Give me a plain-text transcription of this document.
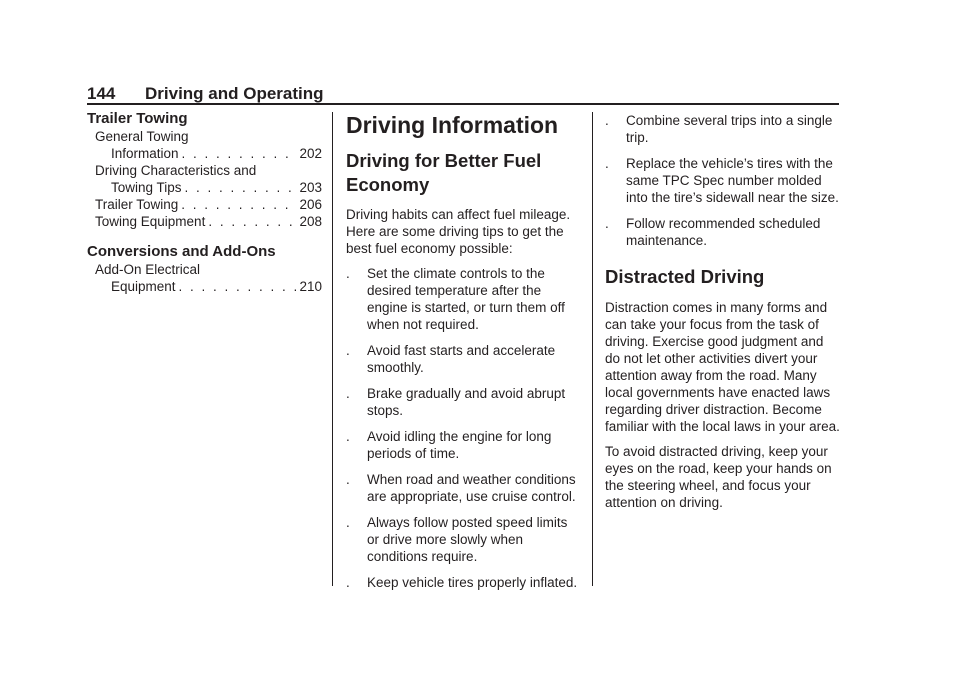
144 Driving and Operating
Trailer Towing
General Towing
Information . . .	202
Driving Characteristics and
Towing Tips . . .	203
Trailer Towing . . .	206
Towing Equipment . . .	208
Conversions and Add-Ons
Add-On Electrical
Equipment . . .	210
Driving Information
Driving for Better Fuel Economy

Driving habits can affect fuel mileage. Here are some driving tips to get the best fuel economy possible:

.	Set the climate controls to the desired temperature after the engine is started, or turn them off when not required.
.	Avoid fast starts and accelerate smoothly.
.	Brake gradually and avoid abrupt stops.
.	Avoid idling the engine for long periods of time.
.	When road and weather conditions are appropriate, use cruise control.
.	Always follow posted speed limits or drive more slowly when conditions require.
.	Keep vehicle tires properly inflated.
.	Combine several trips into a single trip.
.	Replace the vehicle’s tires with the same TPC Spec number molded into the tire’s sidewall near the size.
.	Follow recommended scheduled maintenance.
Distracted Driving

Distraction comes in many forms and can take your focus from the task of driving. Exercise good judgment and do not let other activities divert your attention away from the road. Many local governments have enacted laws regarding driver distraction. Become familiar with the local laws in your area.

To avoid distracted driving, keep your eyes on the road, keep your hands on the steering wheel, and focus your attention on driving.
